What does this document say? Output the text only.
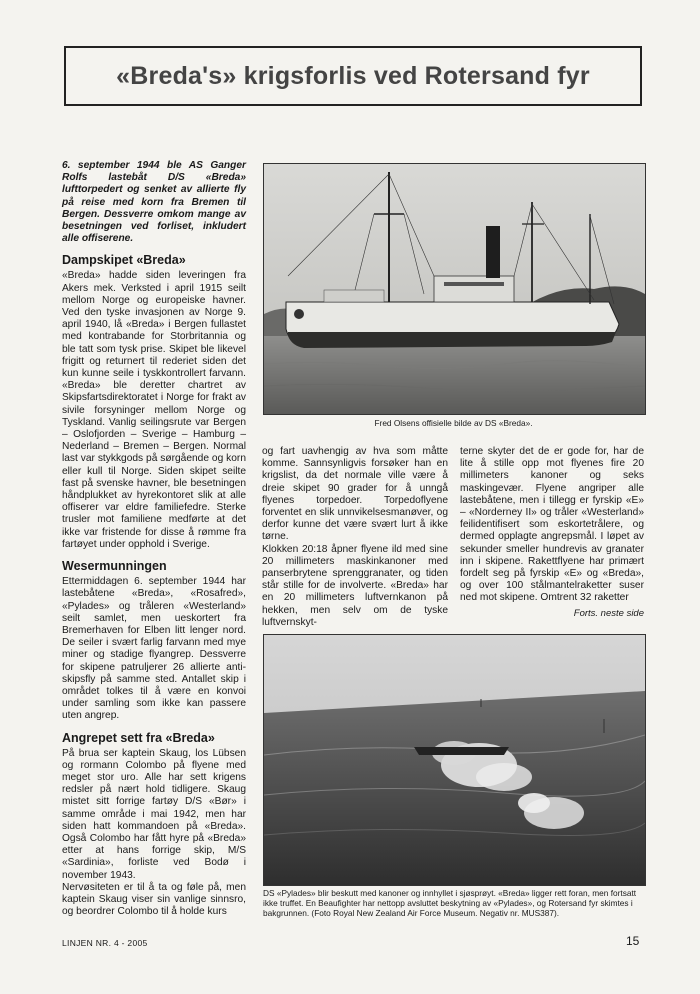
«Breda's» krigsforlis ved Rotersand fyr

6. september 1944 ble AS Ganger Rolfs lastebåt D/S «Breda» lufttorpedert og senket av allierte fly på reise med korn fra Bremen til Bergen. Dessverre omkom mange av besetningen ved forliset, inkludert alle offiserene.

Dampskipet «Breda»

«Breda» hadde siden leveringen fra Akers mek. Verksted i april 1915 seilt mellom Norge og europeiske havner. Ved den tyske invasjonen av Norge 9. april 1940, lå «Breda» i Bergen fullastet med kontrabande for Storbritannia og ble tatt som tysk prise. Skipet ble likevel frigitt og returnert til rederiet siden det kun kunne seile i tyskkontrollert farvann. «Breda» ble deretter chartret av Skipsfartsdirektoratet i Norge for frakt av sivile forsyninger mellom Norge og Tyskland. Vanlig seilingsrute var Bergen – Oslofjorden – Sverige – Hamburg – Nederland – Bremen – Bergen. Normal last var stykkgods på sørgående og korn eller kull til Norge. Siden skipet seilte fast på svenske havner, ble besetningen håndplukket av hyrekontoret slik at alle offiserer var eldre familiefedre. Sterke trusler mot familiene medførte at det ikke var fristende for disse å rømme fra fartøyet under opphold i Sverige.

Wesermunningen

Ettermiddagen 6. september 1944 har lastebåtene «Breda», «Rosafred», «Pylades» og tråleren «Westerland» seilt samlet, men ueskortert fra Bremerhaven for Elben litt lenger nord. De seiler i svært farlig farvann med mye miner og stadige flyangrep. Dessverre for skipene patruljerer 26 allierte anti-skipsfly på samme sted. Antallet skip i området tolkes til å være en konvoi under samling som ikke kan passere uten angrep.

Angrepet sett fra «Breda»

På brua ser kaptein Skaug, los Lübsen og rormann Colombo på flyene med meget stor uro. Alle har sett krigens redsler på nært hold tidligere. Skaug mistet sitt forrige fartøy D/S «Bør» i samme område i mai 1942, men har siden hatt kommandoen på «Breda». Også Colombo har fått hyre på «Breda» etter at hans forrige skip, M/S «Sardinia», forliste ved Bodø i november 1943.

Nervøsiteten er til å ta og føle på, men kaptein Skaug viser sin vanlige sinnsro, og beordrer Colombo til å holde kurs

Fred Olsens offisielle bilde av DS «Breda».

og fart uavhengig av hva som måtte komme. Sannsynligvis forsøker han en krigslist, da det normale ville være å dreie skipet 90 grader for å unngå flyenes torpedoer. Torpedoflyene forventet en slik unnvikelsesmanøver, og derfor kunne det være svært lurt å ikke tørne.

Klokken 20:18 åpner flyene ild med sine 20 millimeters maskinkanoner med panserbrytene sprenggranater, og tiden står stille for de involverte. «Breda» har en 20 millimeters luftvernkanon på hekken, men selv om de tyske luftvernskyt-

terne skyter det de er gode for, har de lite å stille opp mot flyenes fire 20 millimeters kanoner og seks maskingevær. Flyene angriper alle lastebåtene, men i tillegg er fyrskip «E» – «Norderney II» og tråler «Westerland» feilidentifisert som eskortetrålere, og dermed opplagte angrepsmål. I løpet av sekunder smeller hundrevis av granater inn i skipene. Rakettflyene har primært fordelt seg på fyrskip «E» og «Breda», og over 100 stålmantelraketter suser ned mot skipene. Omtrent 32 raketter

Forts. neste side

DS «Pylades» blir beskutt med kanoner og innhyllet i sjøsprøyt. «Breda» ligger rett foran, men fortsatt ikke truffet. En Beaufighter har nettopp avsluttet beskytning av «Pylades», og Rotersand fyr skimtes i bakgrunnen. (Foto Royal New Zealand Air Force Museum. Negativ nr. MUS387).
LINJEN NR. 4 - 2005	15
